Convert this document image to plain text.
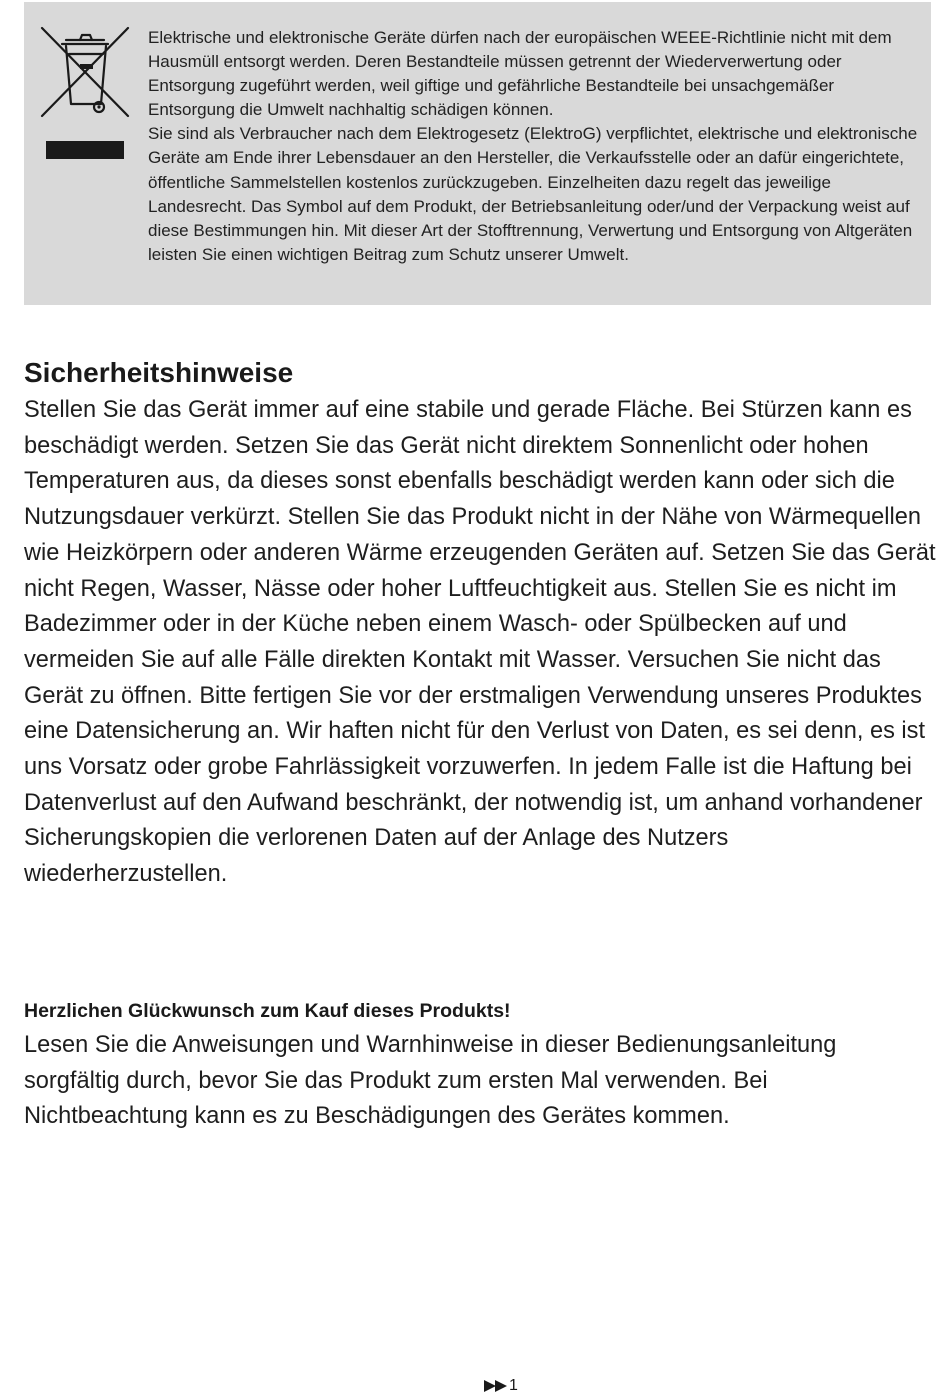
Elektrische und elektronische Geräte dürfen nach der europäischen WEEE-Richtlinie nicht mit dem Hausmüll entsorgt werden. Deren Bestandteile müssen getrennt der Wiederverwertung oder Entsorgung zugeführt werden, weil giftige und gefährliche Bestandteile bei unsachgemäßer Entsorgung die Umwelt nachhaltig schädigen können.

Sie sind als Verbraucher nach dem Elektrogesetz (ElektroG) verpflichtet, elektrische und elektronische Geräte am Ende ihrer Lebensdauer an den Hersteller, die Verkaufsstelle oder an dafür eingerichtete, öffentliche Sammelstellen kostenlos zurückzugeben. Einzelheiten dazu regelt das jeweilige Landesrecht. Das Symbol auf dem Produkt, der Betriebsanleitung oder/und der Verpackung weist auf diese Bestimmungen hin. Mit dieser Art der Stofftrennung, Verwertung und Entsorgung von Altgeräten leisten Sie einen wichtigen Beitrag zum Schutz unserer Umwelt.

Sicherheitshinweise

Stellen Sie das Gerät immer auf eine stabile und gerade Fläche. Bei Stürzen kann es beschädigt werden. Setzen Sie das Gerät nicht direktem Sonnenlicht oder hohen Temperaturen aus, da dieses sonst ebenfalls beschädigt werden kann oder sich die Nutzungsdauer verkürzt. Stellen Sie das Produkt nicht in der Nähe von Wärmequellen wie Heizkörpern oder anderen Wärme erzeugenden Geräten auf. Setzen Sie das Gerät nicht Regen, Wasser, Nässe oder hoher Luftfeuchtigkeit aus. Stellen Sie es nicht im Badezimmer oder in der Küche neben einem Wasch- oder Spülbecken auf und vermeiden Sie auf alle Fälle direkten Kontakt mit Wasser. Versuchen Sie nicht das Gerät zu öffnen. Bitte fertigen Sie vor der erstmaligen Verwendung unseres Produktes eine Datensicherung an. Wir haften nicht für den Verlust von Daten, es sei denn, es ist uns Vorsatz oder grobe Fahrlässigkeit vorzuwerfen. In jedem Falle ist die Haftung bei Datenverlust auf den Aufwand beschränkt, der notwendig ist, um anhand vorhandener Sicherungskopien die verlorenen Daten auf der Anlage des Nutzers wiederherzustellen.

Herzlichen Glückwunsch zum Kauf dieses Produkts!

Lesen Sie die Anweisungen und Warnhinweise in dieser Bedienungsanleitung sorgfältig durch, bevor Sie das Produkt zum ersten Mal verwenden. Bei Nichtbeachtung kann es zu Beschädigungen des Gerätes kommen.

1
